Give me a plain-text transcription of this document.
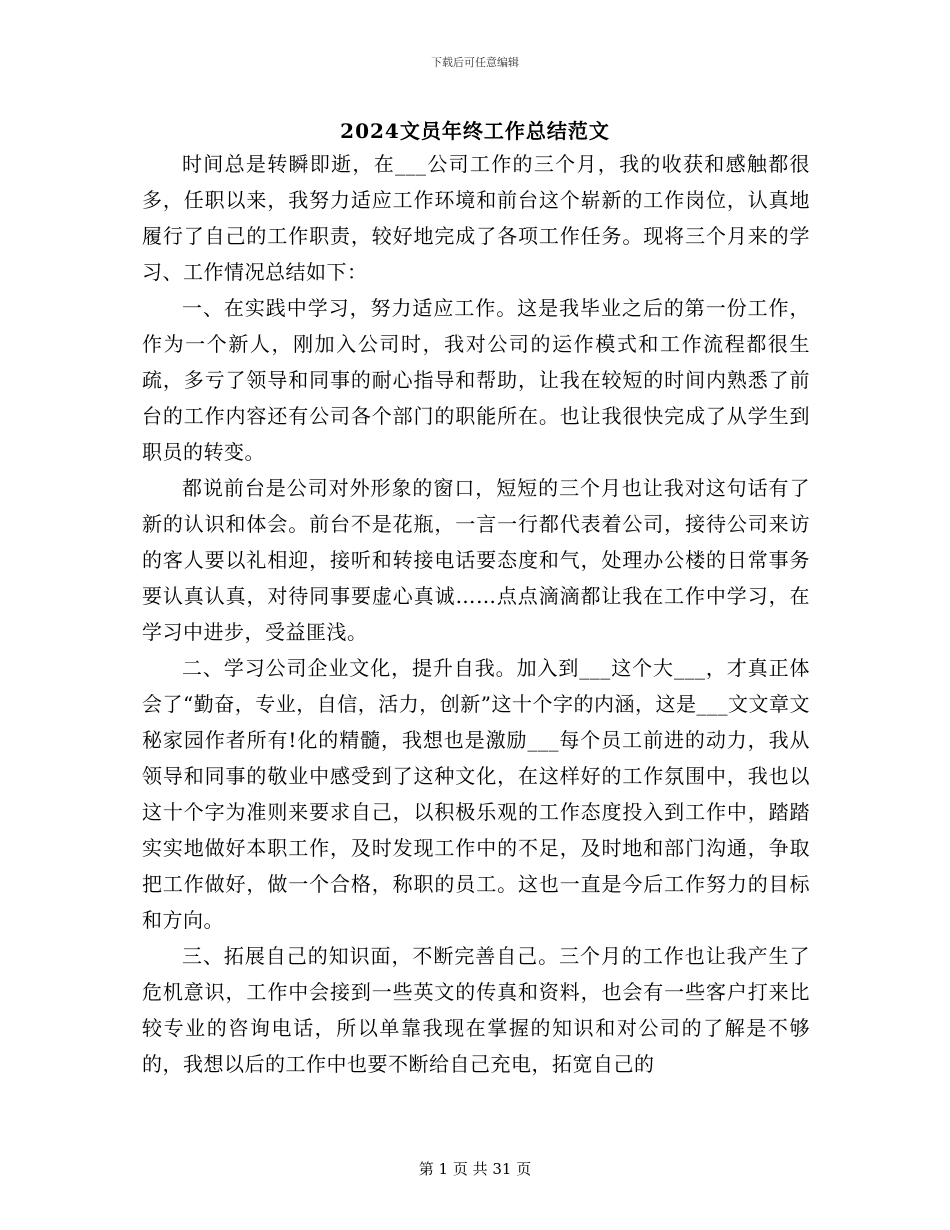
下载后可任意编辑
2024文员年终工作总结范文

时间总是转瞬即逝，在___公司工作的三个月，我的收获和感触都很多，任职以来，我努力适应工作环境和前台这个崭新的工作岗位，认真地履行了自己的工作职责，较好地完成了各项工作任务。现将三个月来的学习、工作情况总结如下：

一、在实践中学习，努力适应工作。这是我毕业之后的第一份工作，作为一个新人，刚加入公司时，我对公司的运作模式和工作流程都很生疏，多亏了领导和同事的耐心指导和帮助，让我在较短的时间内熟悉了前台的工作内容还有公司各个部门的职能所在。也让我很快完成了从学生到职员的转变。

都说前台是公司对外形象的窗口，短短的三个月也让我对这句话有了新的认识和体会。前台不是花瓶，一言一行都代表着公司，接待公司来访的客人要以礼相迎，接听和转接电话要态度和气，处理办公楼的日常事务要认真认真，对待同事要虚心真诚……点点滴滴都让我在工作中学习，在学习中进步，受益匪浅。

二、学习公司企业文化，提升自我。加入到___这个大___，才真正体会了“勤奋，专业，自信，活力，创新”这十个字的内涵，这是___文文章文秘家园作者所有!化的精髓，我想也是激励___每个员工前进的动力，我从领导和同事的敬业中感受到了这种文化，在这样好的工作氛围中，我也以这十个字为准则来要求自己，以积极乐观的工作态度投入到工作中，踏踏实实地做好本职工作，及时发现工作中的不足，及时地和部门沟通，争取把工作做好，做一个合格，称职的员工。这也一直是今后工作努力的目标和方向。

三、拓展自己的知识面，不断完善自己。三个月的工作也让我产生了危机意识，工作中会接到一些英文的传真和资料，也会有一些客户打来比较专业的咨询电话，所以单靠我现在掌握的知识和对公司的了解是不够的，我想以后的工作中也要不断给自己充电，拓宽自己的

第 1 页 共 31 页
